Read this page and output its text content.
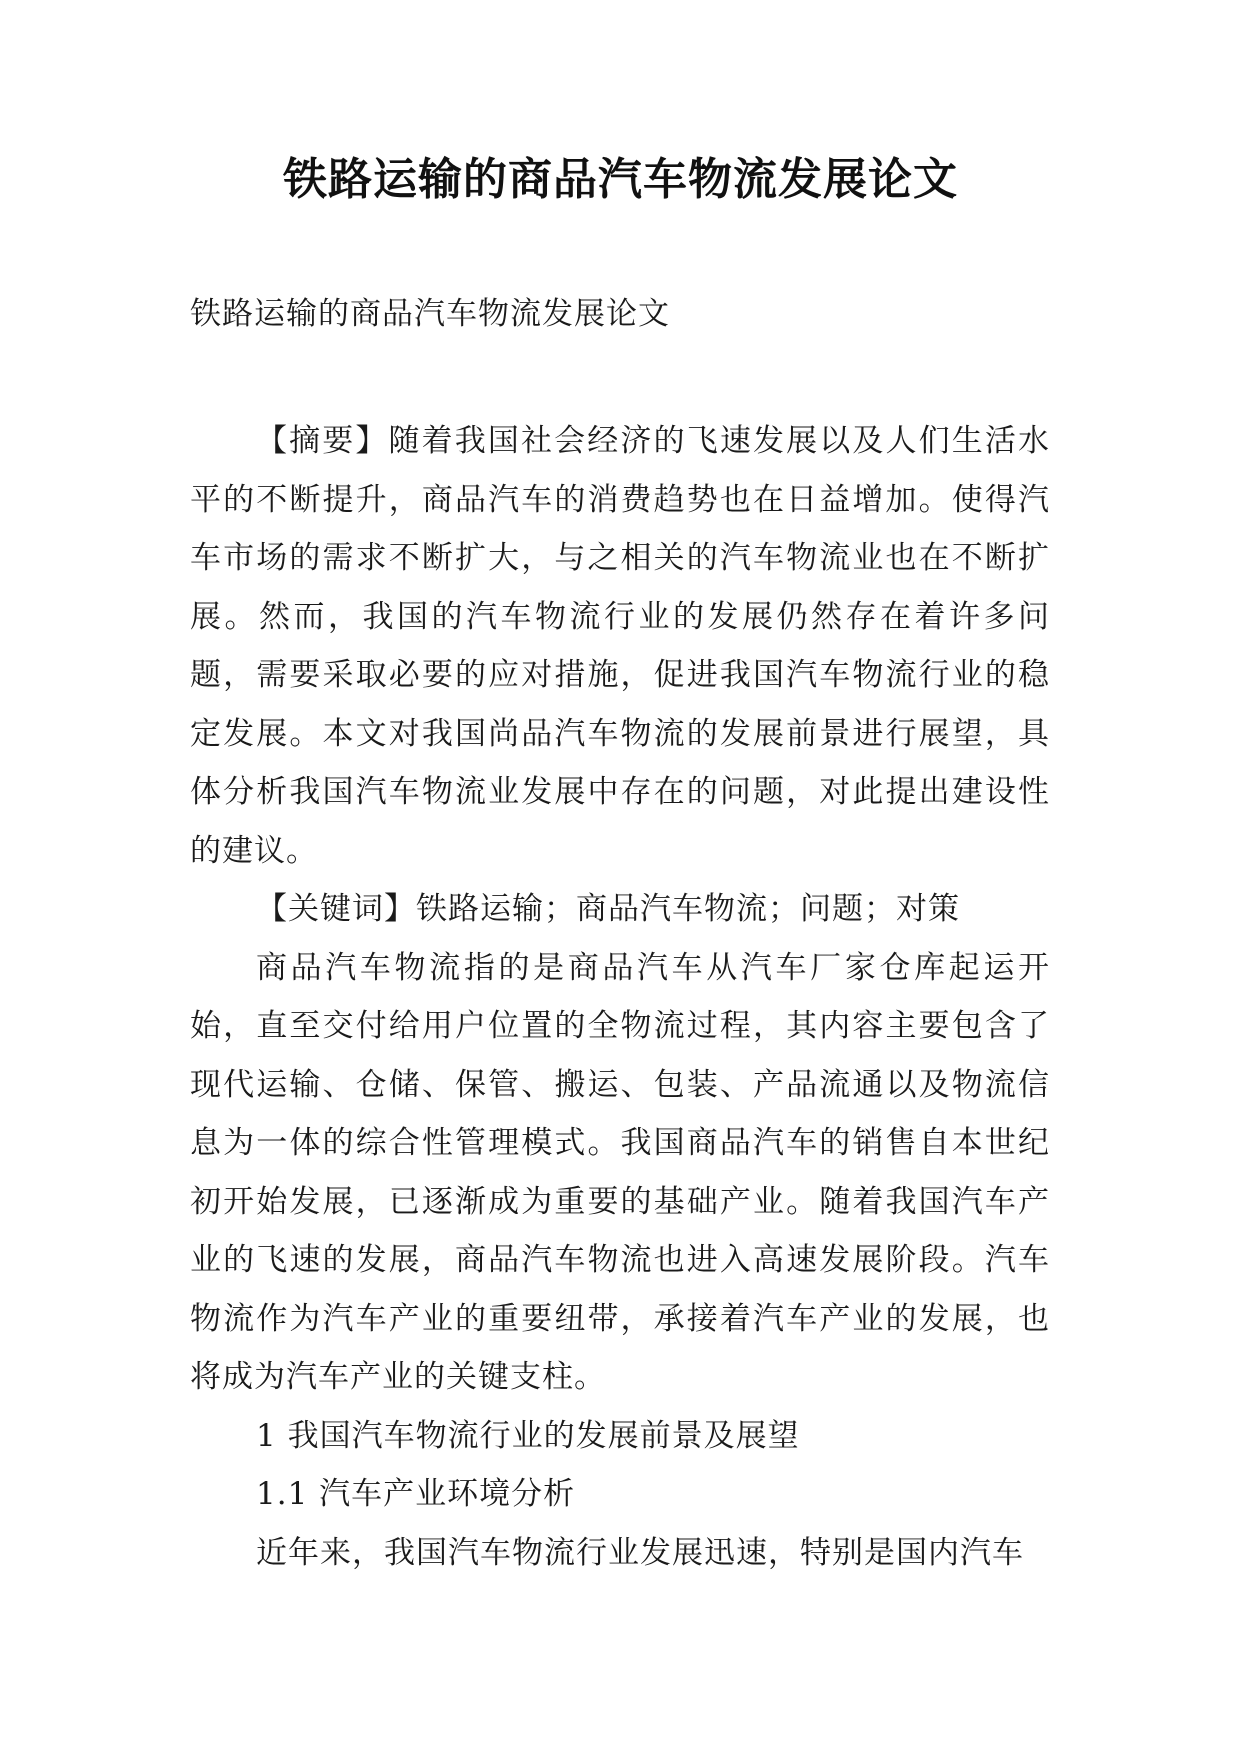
铁路运输的商品汽车物流发展论文

铁路运输的商品汽车物流发展论文

【摘要】随着我国社会经济的飞速发展以及人们生活水平的不断提升，商品汽车的消费趋势也在日益增加。使得汽车市场的需求不断扩大，与之相关的汽车物流业也在不断扩展。然而，我国的汽车物流行业的发展仍然存在着许多问题，需要采取必要的应对措施，促进我国汽车物流行业的稳定发展。本文对我国尚品汽车物流的发展前景进行展望，具体分析我国汽车物流业发展中存在的问题，对此提出建设性的建议。

【关键词】铁路运输；商品汽车物流；问题；对策

商品汽车物流指的是商品汽车从汽车厂家仓库起运开始，直至交付给用户位置的全物流过程，其内容主要包含了现代运输、仓储、保管、搬运、包装、产品流通以及物流信息为一体的综合性管理模式。我国商品汽车的销售自本世纪初开始发展，已逐渐成为重要的基础产业。随着我国汽车产业的飞速的发展，商品汽车物流也进入高速发展阶段。汽车物流作为汽车产业的重要纽带，承接着汽车产业的发展，也将成为汽车产业的关键支柱。

1 我国汽车物流行业的发展前景及展望

1.1 汽车产业环境分析

近年来，我国汽车物流行业发展迅速，特别是国内汽车
